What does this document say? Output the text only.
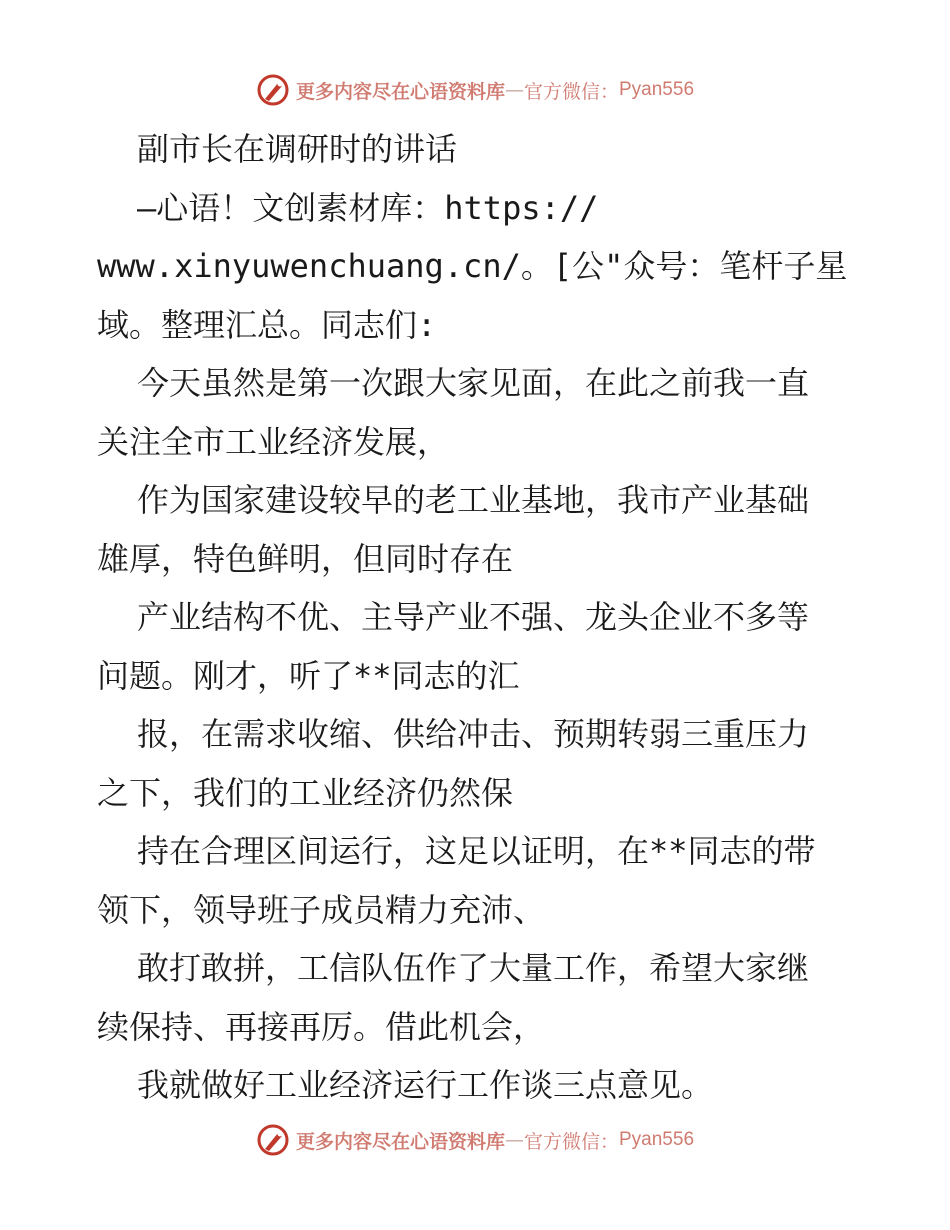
更多内容尽在心语资料库 — 官方微信： Pyan556
副市长在调研时的讲话
—心语！文创素材库：https://
www.xinyuwenchuang.cn/。[公"众号：笔杆子星
域。整理汇总。同志们:
今天虽然是第一次跟大家见面，在此之前我一直
关注全市工业经济发展，
作为国家建设较早的老工业基地，我市产业基础
雄厚，特色鲜明，但同时存在
产业结构不优、主导产业不强、龙头企业不多等
问题。刚才，听了**同志的汇
报，在需求收缩、供给冲击、预期转弱三重压力
之下，我们的工业经济仍然保
持在合理区间运行，这足以证明，在**同志的带
领下，领导班子成员精力充沛、
敢打敢拼，工信队伍作了大量工作，希望大家继
续保持、再接再厉。借此机会，
我就做好工业经济运行工作谈三点意见。
更多内容尽在心语资料库 — 官方微信： Pyan556
